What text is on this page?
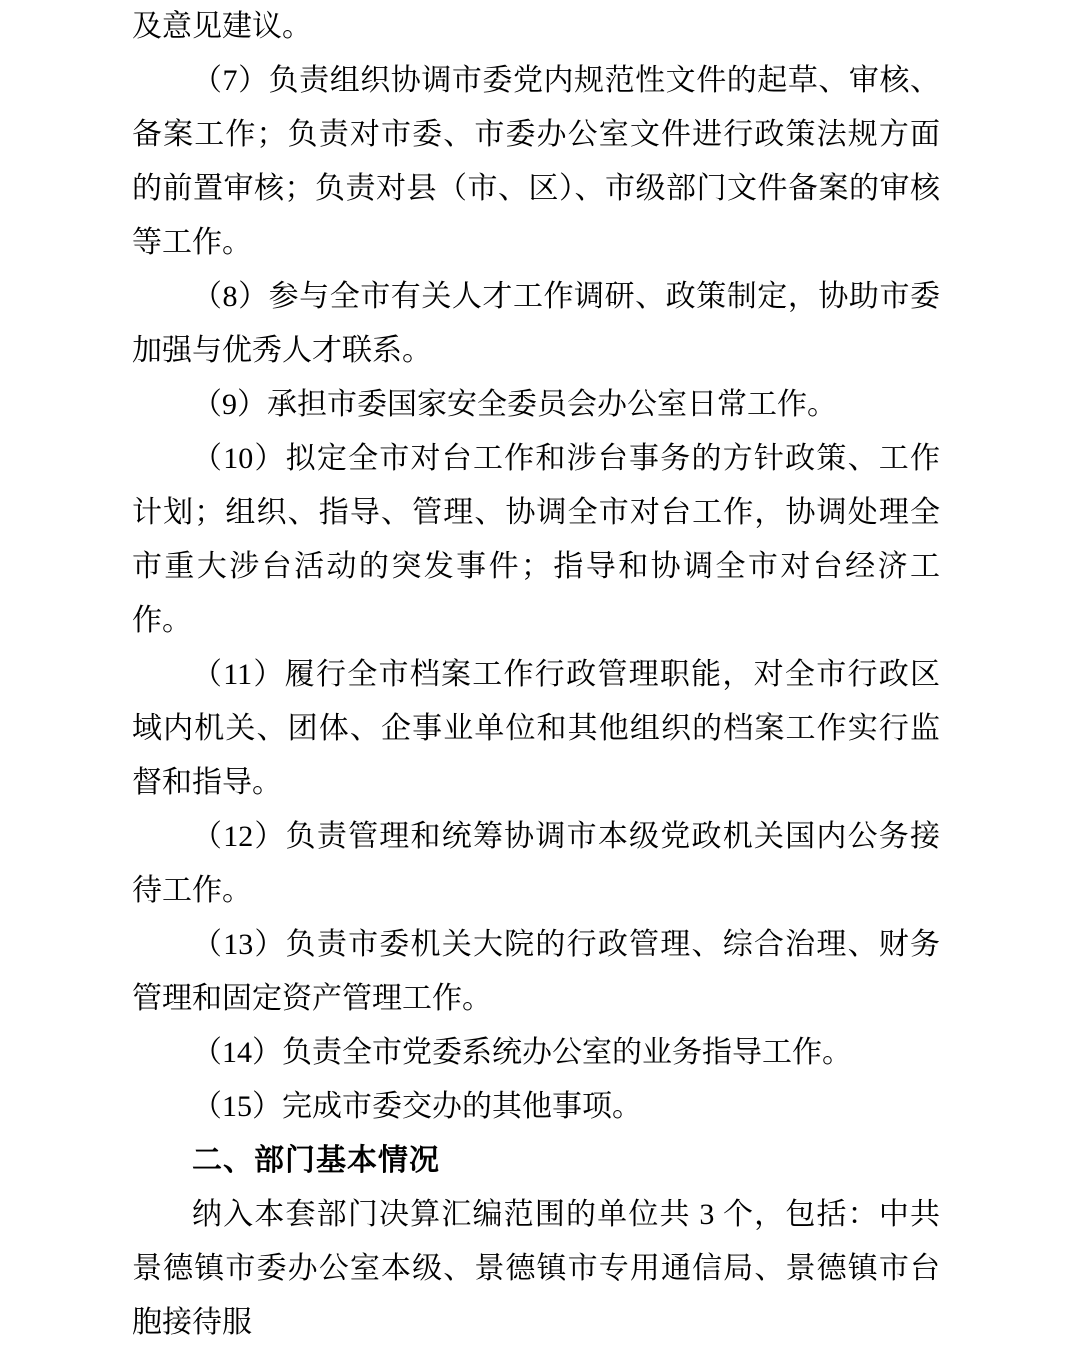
及意见建议。

（7）负责组织协调市委党内规范性文件的起草、审核、备案工作；负责对市委、市委办公室文件进行政策法规方面的前置审核；负责对县（市、区）、市级部门文件备案的审核等工作。

（8）参与全市有关人才工作调研、政策制定，协助市委加强与优秀人才联系。

（9）承担市委国家安全委员会办公室日常工作。

（10）拟定全市对台工作和涉台事务的方针政策、工作计划；组织、指导、管理、协调全市对台工作，协调处理全市重大涉台活动的突发事件；指导和协调全市对台经济工作。

（11）履行全市档案工作行政管理职能，对全市行政区域内机关、团体、企事业单位和其他组织的档案工作实行监督和指导。

（12）负责管理和统筹协调市本级党政机关国内公务接待工作。

（13）负责市委机关大院的行政管理、综合治理、财务管理和固定资产管理工作。

（14）负责全市党委系统办公室的业务指导工作。

（15）完成市委交办的其他事项。

二、部门基本情况

纳入本套部门决算汇编范围的单位共 3 个，包括：中共景德镇市委办公室本级、景德镇市专用通信局、景德镇市台胞接待服
